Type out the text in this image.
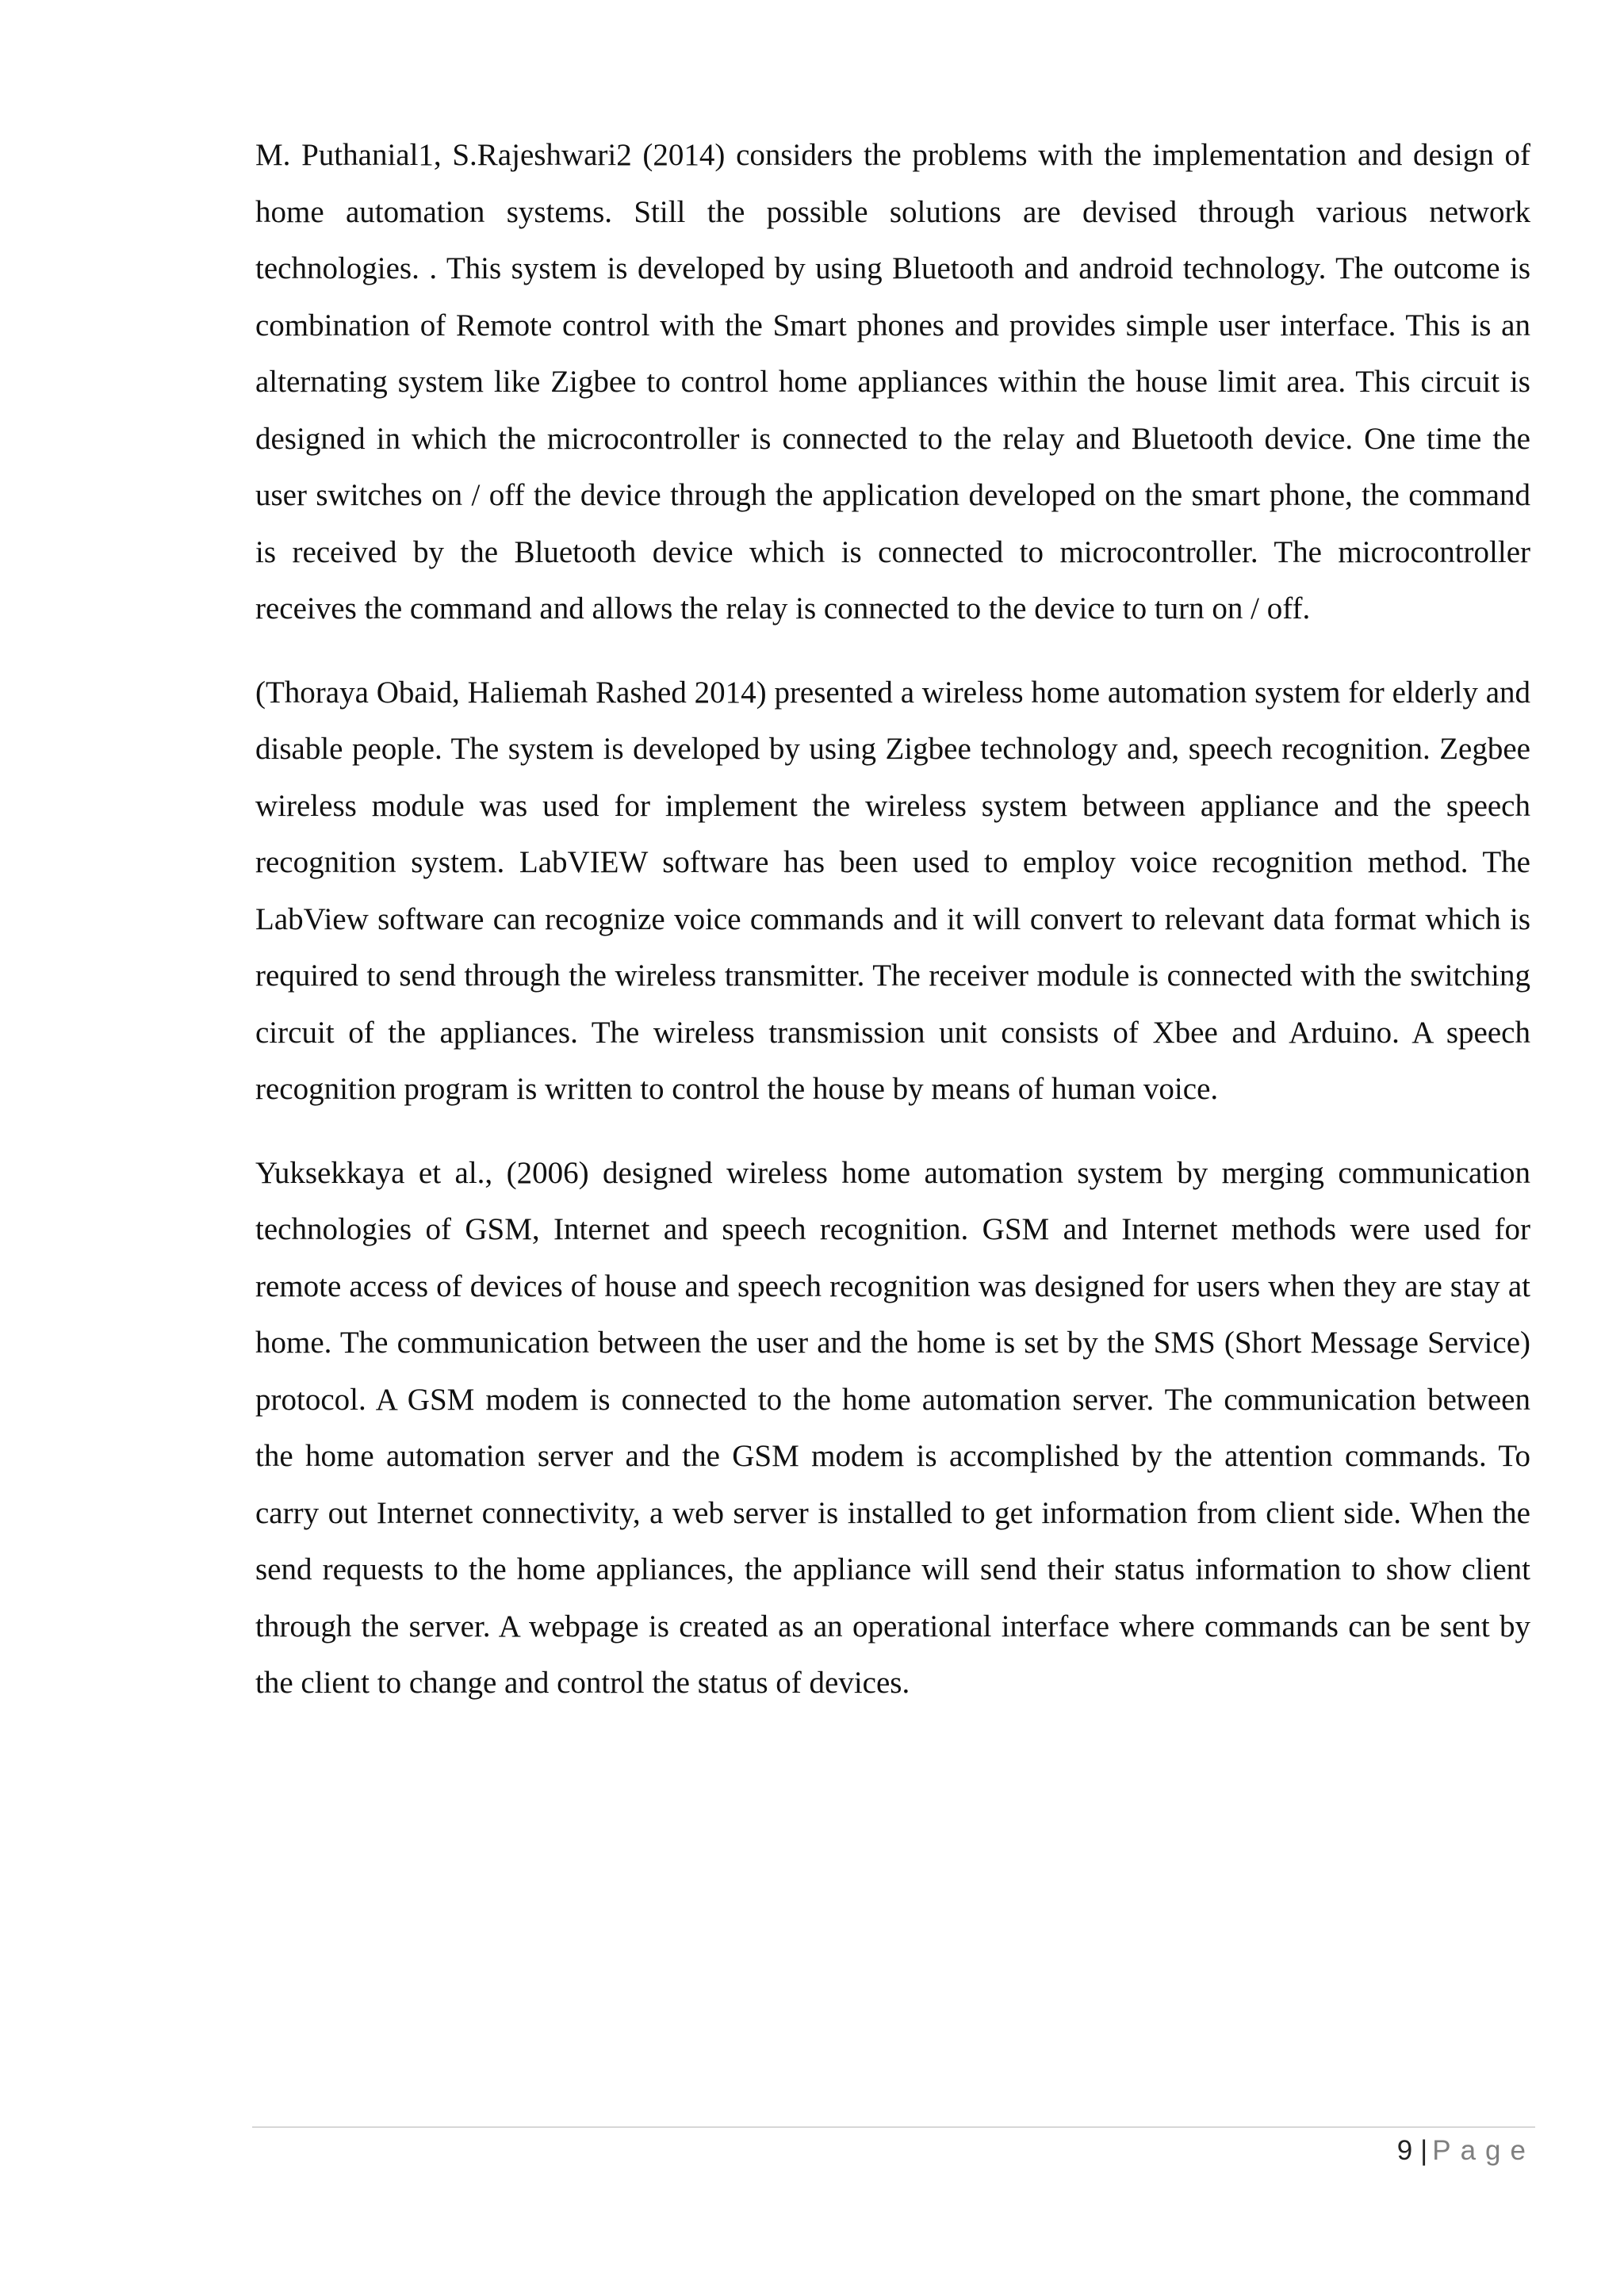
M. Puthanial1, S.Rajeshwari2 (2014) considers the problems with the implementation and design of home automation systems. Still the possible solutions are devised through various network technologies. . This system is developed by using Bluetooth and android technology. The outcome is combination of Remote control with the Smart phones and provides simple user interface. This is an alternating system like Zigbee to control home appliances within the house limit area. This circuit is designed in which the microcontroller is connected to the relay and Bluetooth device. One time the user switches on / off the device through the application developed on the smart phone, the command is received by the Bluetooth device which is connected to microcontroller. The microcontroller receives the command and allows the relay is connected to the device to turn on / off.

(Thoraya Obaid, Haliemah Rashed 2014) presented a wireless home automation system for elderly and disable people. The system is developed by using Zigbee technology and, speech recognition. Zegbee wireless module was used for implement the wireless system between appliance and the speech recognition system. LabVIEW software has been used to employ voice recognition method. The LabView software can recognize voice commands and it will convert to relevant data format which is required to send through the wireless transmitter. The receiver module is connected with the switching circuit of the appliances. The wireless transmission unit consists of Xbee and Arduino. A speech recognition program is written to control the house by means of human voice.

Yuksekkaya et al., (2006) designed wireless home automation system by merging communication technologies of GSM, Internet and speech recognition. GSM and Internet methods were used for remote access of devices of house and speech recognition was designed for users when they are stay at home. The communication between the user and the home is set by the SMS (Short Message Service) protocol. A GSM modem is connected to the home automation server. The communication between the home automation server and the GSM modem is accomplished by the attention commands. To carry out Internet connectivity, a web server is installed to get information from client side. When the send requests to the home appliances, the appliance will send their status information to show client through the server. A webpage is created as an operational interface where commands can be sent by the client to change and control the status of devices.

9 | Page
